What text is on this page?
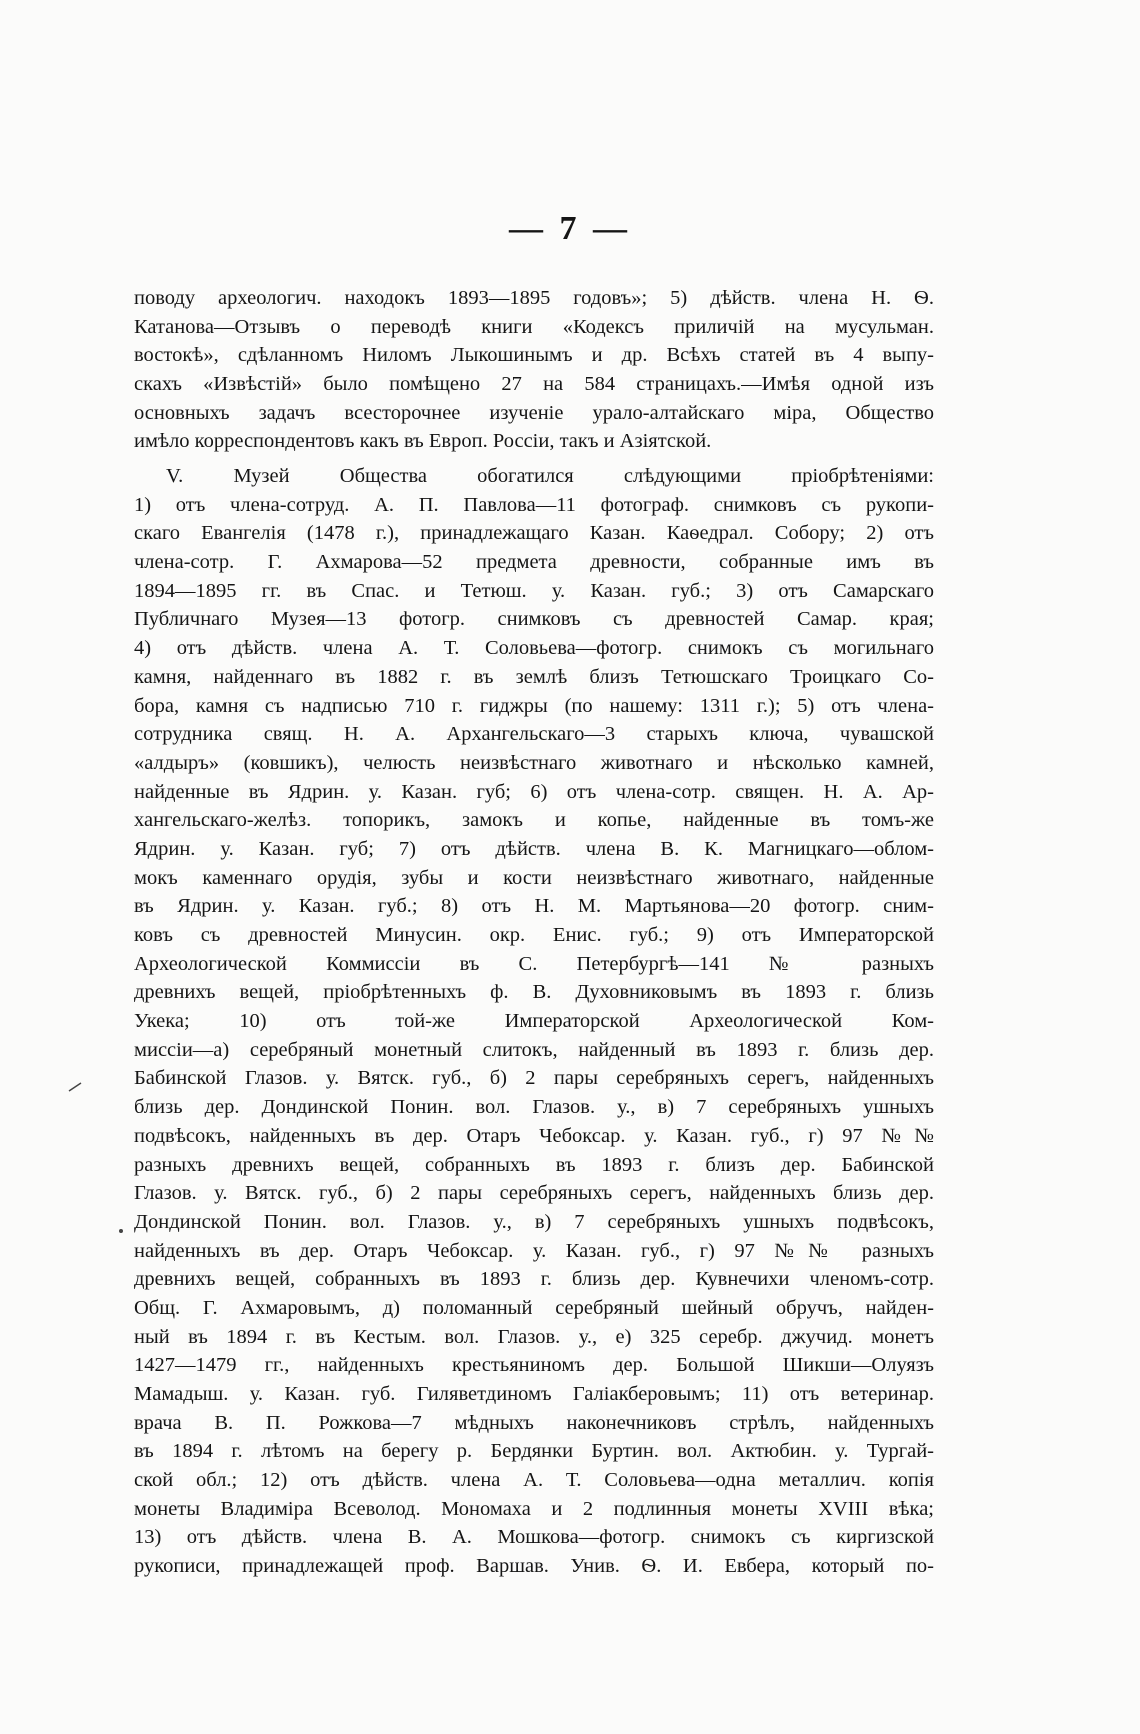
— 7 —
поводу археологич. находокъ 1893—1895 годовъ»; 5) дѣйств. члена Н. Ѳ.
Катанова—Отзывъ о переводѣ книги «Кодексъ приличій на мусульман.
востокѣ», сдѣланномъ Ниломъ Лыкошинымъ и др. Всѣхъ статей въ 4 выпу-
скахъ «Извѣстій» было помѣщено 27 на 584 страницахъ.—Имѣя одной изъ
основныхъ задачъ всесторочнее изученіе урало-алтайскаго міра, Общество
имѣло корреспондентовъ какъ въ Европ. Россіи, такъ и Азіятской.
V. Музей Общества обогатился слѣдующими пріобрѣтеніями:
1) отъ члена-сотруд. А. П. Павлова—11 фотограф. снимковъ съ рукопи-
скаго Евангелія (1478 г.), принадлежащаго Казан. Каѳедрал. Собору; 2) отъ
члена-сотр. Г. Ахмарова—52 предмета древности, собранные имъ въ
1894—1895 гг. въ Спас. и Тетюш. у. Казан. губ.; 3) отъ Самарскаго
Публичнаго Музея—13 фотогр. снимковъ съ древностей Самар. края;
4) отъ дѣйств. члена А. Т. Соловьева—фотогр. снимокъ съ могильнаго
камня, найденнаго въ 1882 г. въ землѣ близъ Тетюшскаго Троицкаго Со-
бора, камня съ надписью 710 г. гиджры (по нашему: 1311 г.); 5) отъ члена-
сотрудника свящ. Н. А. Архангельскаго—3 старыхъ ключа, чувашской
«алдыръ» (ковшикъ), челюсть неизвѣстнаго животнаго и нѣсколько камней,
найденные въ Ядрин. у. Казан. губ; 6) отъ члена-сотр. священ. Н. А. Ар-
хангельскаго-желѣз. топорикъ, замокъ и копье, найденные въ томъ-же
Ядрин. у. Казан. губ; 7) отъ дѣйств. члена В. К. Магницкаго—облом-
мокъ каменнаго орудія, зубы и кости неизвѣстнаго животнаго, найденные
въ Ядрин. у. Казан. губ.; 8) отъ Н. М. Мартьянова—20 фотогр. сним-
ковъ съ древностей Минусин. окр. Енис. губ.; 9) отъ Императорской
Археологической Коммиссіи въ С. Петербургѣ—141 № разныхъ
древнихъ вещей, пріобрѣтенныхъ ф. В. Духовниковымъ въ 1893 г. близь
Укека; 10) отъ той-же Императорской Археологической Ком-
миссіи—а) серебряный монетный слитокъ, найденный въ 1893 г. близь дер.
Бабинской Глазов. у. Вятск. губ., б) 2 пары серебряныхъ серегъ, найденныхъ
близь дер. Дондинской Понин. вол. Глазов. у., в) 7 серебряныхъ ушныхъ
подвѣсокъ, найденныхъ въ дер. Отаръ Чебоксар. у. Казан. губ., г) 97 №№
разныхъ древнихъ вещей, собранныхъ въ 1893 г. близъ дер. Бабинской
Глазов. у. Вятск. губ., б) 2 пары серебряныхъ серегъ, найденныхъ близь дер.
Дондинской Понин. вол. Глазов. у., в) 7 серебряныхъ ушныхъ подвѣсокъ,
найденныхъ въ дер. Отаръ Чебоксар. у. Казан. губ., г) 97 №№ разныхъ
древнихъ вещей, собранныхъ въ 1893 г. близь дер. Кувнечихи членомъ-сотр.
Общ. Г. Ахмаровымъ, д) поломанный серебряный шейный обручъ, найден-
ный въ 1894 г. въ Кестым. вол. Глазов. у., е) 325 серебр. джучид. монетъ
1427—1479 гг., найденныхъ крестьяниномъ дер. Большой Шикши—Олуязъ
Мамадыш. у. Казан. губ. Гиляветдиномъ Галіакберовымъ; 11) отъ ветеринар.
врача В. П. Рожкова—7 мѣдныхъ наконечниковъ стрѣлъ, найденныхъ
въ 1894 г. лѣтомъ на берегу р. Бердянки Буртин. вол. Актюбин. у. Тургай-
ской обл.; 12) отъ дѣйств. члена А. Т. Соловьева—одна металлич. копія
монеты Владиміра Всеволод. Мономаха и 2 подлинныя монеты XVIII вѣка;
13) отъ дѣйств. члена В. А. Мошкова—фотогр. снимокъ съ киргизской
рукописи, принадлежащей проф. Варшав. Унив. Ѳ. И. Евбера, который по-
